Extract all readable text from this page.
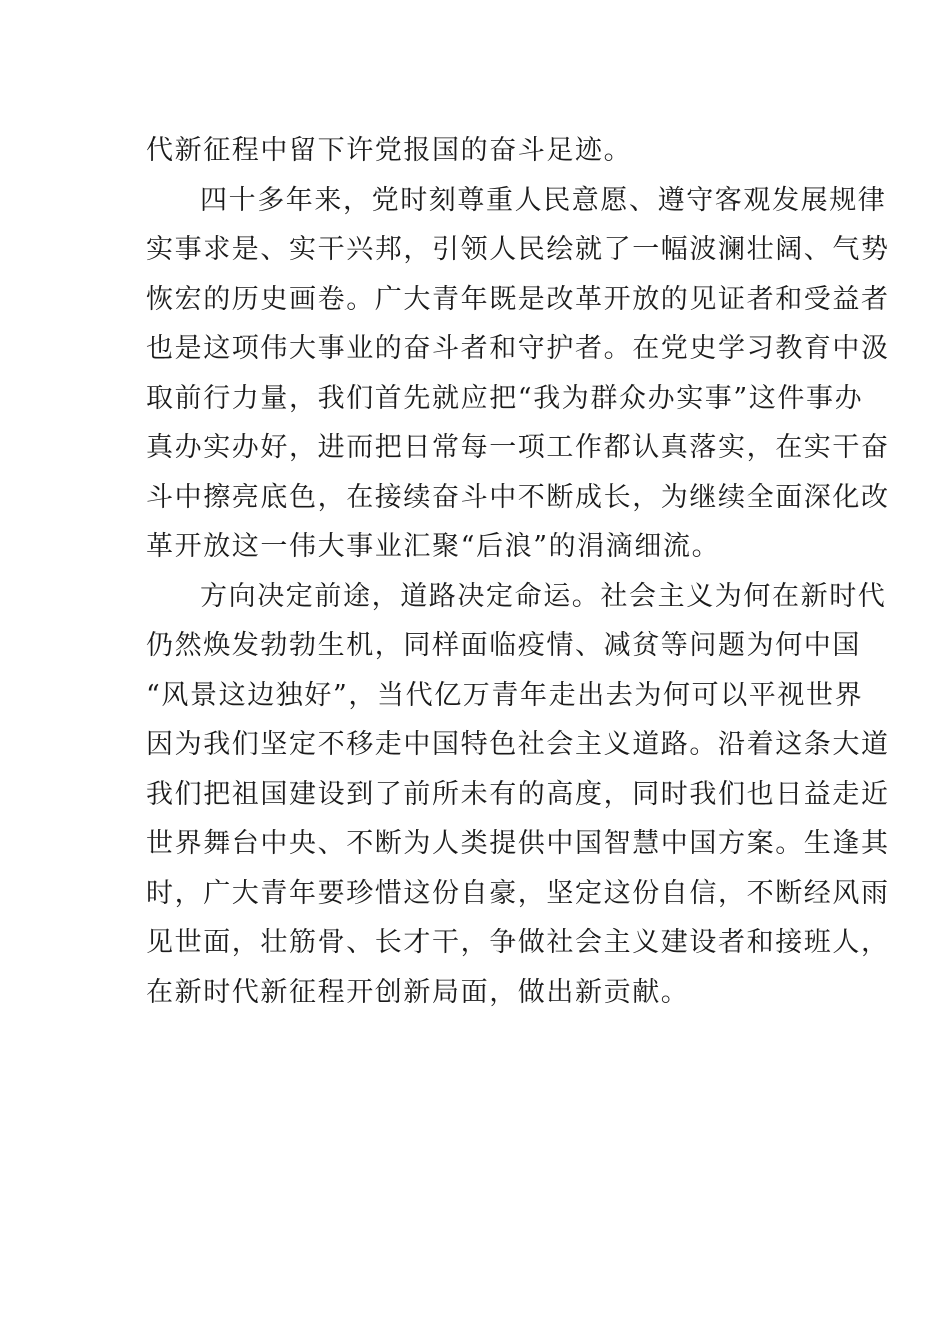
代新征程中留下许党报国的奋斗足迹。
四十多年来，党时刻尊重人民意愿、遵守客观发展规律
实事求是、实干兴邦，引领人民绘就了一幅波澜壮阔、气势
恢宏的历史画卷。广大青年既是改革开放的见证者和受益者
也是这项伟大事业的奋斗者和守护者。在党史学习教育中汲
取前行力量，我们首先就应把“我为群众办实事”这件事办
真办实办好，进而把日常每一项工作都认真落实，在实干奋
斗中擦亮底色，在接续奋斗中不断成长，为继续全面深化改
革开放这一伟大事业汇聚“后浪”的涓滴细流。
方向决定前途，道路决定命运。社会主义为何在新时代
仍然焕发勃勃生机，同样面临疫情、减贫等问题为何中国
“风景这边独好”，当代亿万青年走出去为何可以平视世界
因为我们坚定不移走中国特色社会主义道路。沿着这条大道
我们把祖国建设到了前所未有的高度，同时我们也日益走近
世界舞台中央、不断为人类提供中国智慧中国方案。生逢其
时，广大青年要珍惜这份自豪，坚定这份自信，不断经风雨
见世面，壮筋骨、长才干，争做社会主义建设者和接班人，
在新时代新征程开创新局面，做出新贡献。
